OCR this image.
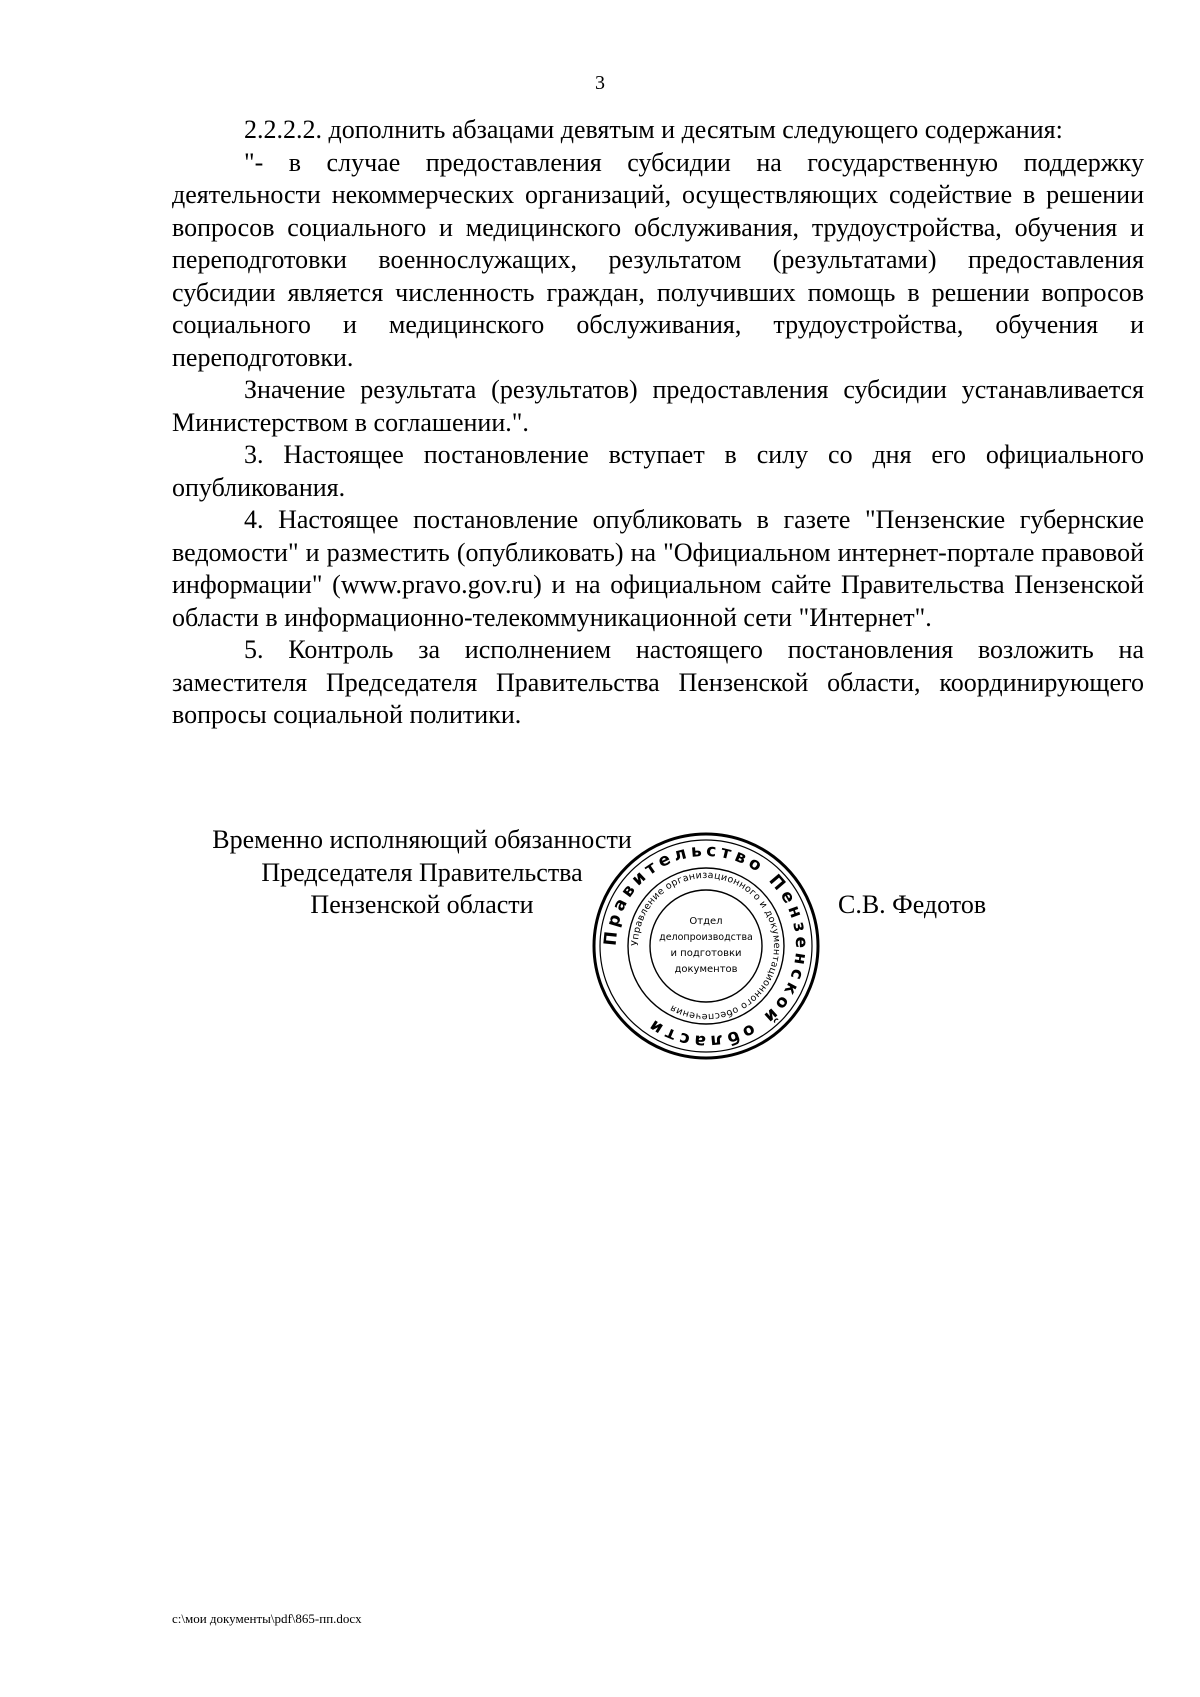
3

2.2.2.2. дополнить абзацами девятым и десятым следующего содержания:

"- в случае предоставления субсидии на государственную поддержку деятельности некоммерческих организаций, осуществляющих содействие в решении вопросов социального и медицинского обслуживания, трудоустройства, обучения и переподготовки военнослужащих, результатом (результатами) предоставления субсидии является численность граждан, получивших помощь в решении вопросов социального и медицинского обслуживания, трудоустройства, обучения и переподготовки.

Значение результата (результатов) предоставления субсидии устанавливается Министерством в соглашении.".

3. Настоящее постановление вступает в силу со дня его официального опубликования.

4. Настоящее постановление опубликовать в газете "Пензенские губернские ведомости" и разместить (опубликовать) на "Официальном интернет-портале правовой информации" (www.pravo.gov.ru) и на официальном сайте Правительства Пензенской области в информационно-телекоммуникационной сети "Интернет".

5. Контроль за исполнением настоящего постановления возложить на заместителя Председателя Правительства Пензенской области, координирующего вопросы социальной политики.

Временно исполняющий обязанности
Председателя Правительства
Пензенской области
Правительство Пензенской области
Управление организационного и документационного обеспечения
Отдел
делопроизводства
и подготовки
документов
С.В. Федотов
c:\мои документы\pdf\865-пп.docx
